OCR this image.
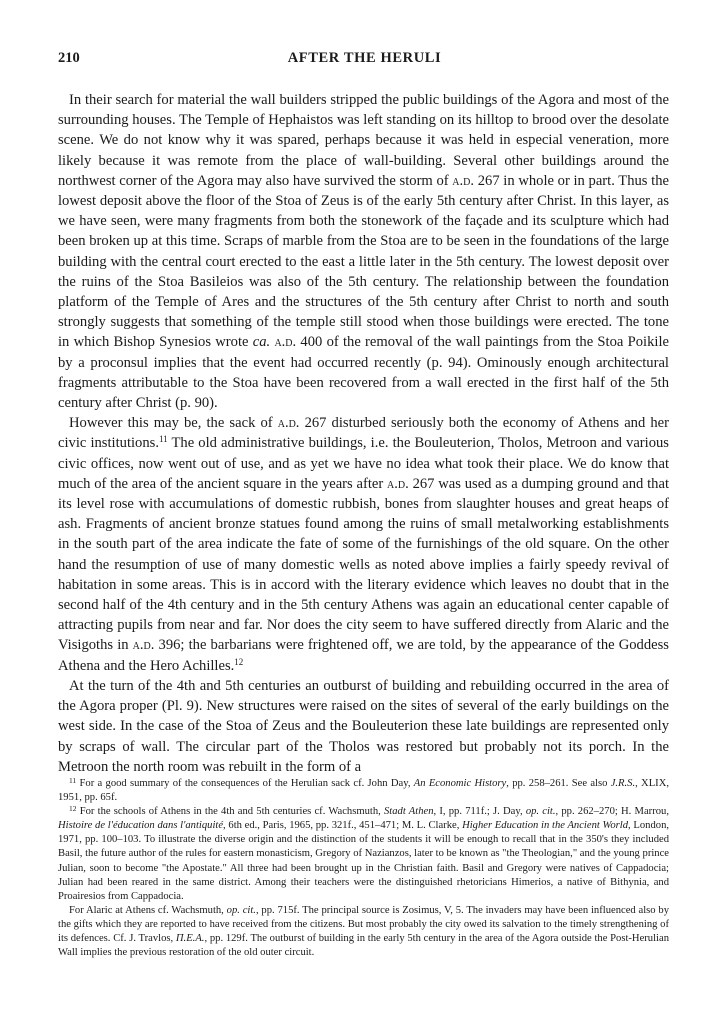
210	AFTER THE HERULI

In their search for material the wall builders stripped the public buildings of the Agora and most of the surrounding houses. The Temple of Hephaistos was left standing on its hilltop to brood over the desolate scene. We do not know why it was spared, perhaps because it was held in especial veneration, more likely because it was remote from the place of wall-building. Several other buildings around the northwest corner of the Agora may also have survived the storm of a.d. 267 in whole or in part. Thus the lowest deposit above the floor of the Stoa of Zeus is of the early 5th century after Christ. In this layer, as we have seen, were many fragments from both the stonework of the façade and its sculpture which had been broken up at this time. Scraps of marble from the Stoa are to be seen in the foundations of the large building with the central court erected to the east a little later in the 5th century. The lowest deposit over the ruins of the Stoa Basileios was also of the 5th century. The relationship between the foundation platform of the Temple of Ares and the structures of the 5th century after Christ to north and south strongly suggests that something of the temple still stood when those buildings were erected. The tone in which Bishop Synesios wrote ca. a.d. 400 of the removal of the wall paintings from the Stoa Poikile by a proconsul implies that the event had occurred recently (p. 94). Ominously enough architectural fragments attributable to the Stoa have been recovered from a wall erected in the first half of the 5th century after Christ (p. 90).

However this may be, the sack of a.d. 267 disturbed seriously both the economy of Athens and her civic institutions.$^{11}$ The old administrative buildings, i.e. the Bouleuterion, Tholos, Metroon and various civic offices, now went out of use, and as yet we have no idea what took their place. We do know that much of the area of the ancient square in the years after a.d. 267 was used as a dumping ground and that its level rose with accumulations of domestic rubbish, bones from slaughter houses and great heaps of ash. Fragments of ancient bronze statues found among the ruins of small metalworking establishments in the south part of the area indicate the fate of some of the furnishings of the old square. On the other hand the resumption of use of many domestic wells as noted above implies a fairly speedy revival of habitation in some areas. This is in accord with the literary evidence which leaves no doubt that in the second half of the 4th century and in the 5th century Athens was again an educational center capable of attracting pupils from near and far. Nor does the city seem to have suffered directly from Alaric and the Visigoths in a.d. 396; the barbarians were frightened off, we are told, by the appearance of the Goddess Athena and the Hero Achilles.$^{12}$

At the turn of the 4th and 5th centuries an outburst of building and rebuilding occurred in the area of the Agora proper (Pl. 9). New structures were raised on the sites of several of the early buildings on the west side. In the case of the Stoa of Zeus and the Bouleuterion these late buildings are represented only by scraps of wall. The circular part of the Tholos was restored but probably not its porch. In the Metroon the north room was rebuilt in the form of a

$^{11}$ For a good summary of the consequences of the Herulian sack cf. John Day, An Economic History, pp. 258–261. See also J.R.S., XLIX, 1951, pp. 65f.

$^{12}$ For the schools of Athens in the 4th and 5th centuries cf. Wachsmuth, Stadt Athen, I, pp. 711f.; J. Day, op. cit., pp. 262–270; H. Marrou, Histoire de l'éducation dans l'antiquité, 6th ed., Paris, 1965, pp. 321f., 451–471; M. L. Clarke, Higher Education in the Ancient World, London, 1971, pp. 100–103. To illustrate the diverse origin and the distinction of the students it will be enough to recall that in the 350's they included Basil, the future author of the rules for eastern monasticism, Gregory of Nazianzos, later to be known as "the Theologian," and the young prince Julian, soon to become "the Apostate." All three had been brought up in the Christian faith. Basil and Gregory were natives of Cappadocia; Julian had been reared in the same district. Among their teachers were the distinguished rhetoricians Himerios, a native of Bithynia, and Proairesios from Cappadocia.

For Alaric at Athens cf. Wachsmuth, op. cit., pp. 715f. The principal source is Zosimus, V, 5. The invaders may have been influenced also by the gifts which they are reported to have received from the citizens. But most probably the city owed its salvation to the timely strengthening of its defences. Cf. J. Travlos, Π.Ε.Α., pp. 129f. The outburst of building in the early 5th century in the area of the Agora outside the Post-Herulian Wall implies the previous restoration of the old outer circuit.
